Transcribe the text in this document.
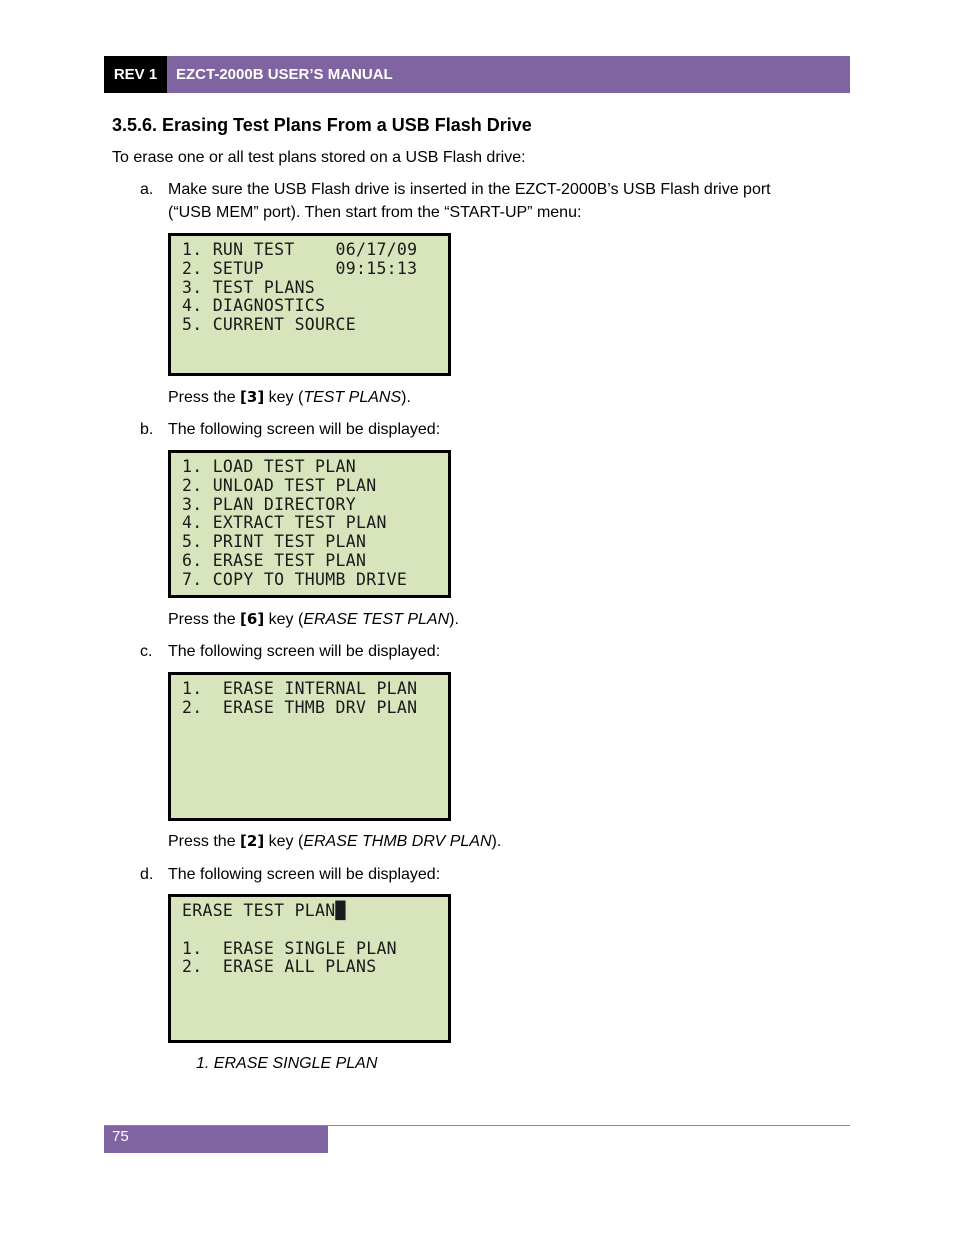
REV 1	EZCT-2000B USER’S MANUAL
3.5.6. Erasing Test Plans From a USB Flash Drive

To erase one or all test plans stored on a USB Flash drive:

a. Make sure the USB Flash drive is inserted in the EZCT-2000B’s USB Flash drive port

(“USB MEM” port). Then start from the “START-UP” menu:

1. RUN TEST    06/17/09
2. SETUP       09:15:13
3. TEST PLANS
4. DIAGNOSTICS
5. CURRENT SOURCE

Press the [3] key (TEST PLANS).

b. The following screen will be displayed:

1. LOAD TEST PLAN
2. UNLOAD TEST PLAN
3. PLAN DIRECTORY
4. EXTRACT TEST PLAN
5. PRINT TEST PLAN
6. ERASE TEST PLAN
7. COPY TO THUMB DRIVE

Press the [6] key (ERASE TEST PLAN).

c. The following screen will be displayed:

1.  ERASE INTERNAL PLAN
2.  ERASE THMB DRV PLAN

Press the [2] key (ERASE THMB DRV PLAN).

d. The following screen will be displayed:

ERASE TEST PLAN█
1.  ERASE SINGLE PLAN
2.  ERASE ALL PLANS
1. ERASE SINGLE PLAN
75
